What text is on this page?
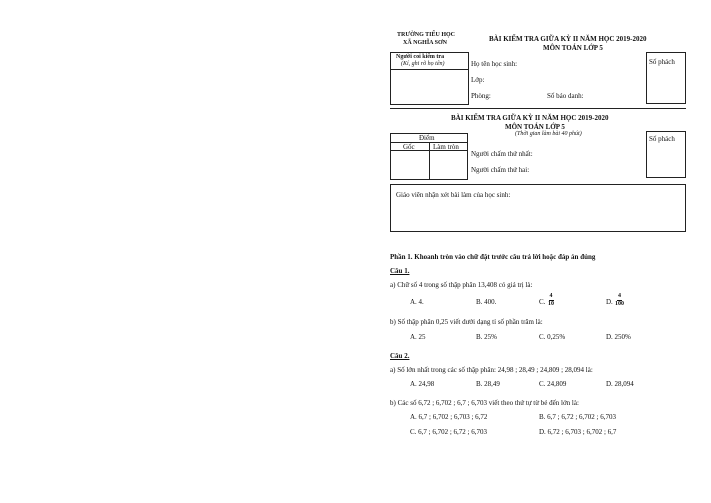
TRƯỜNG TIỂU HỌC
XÃ NGHĨA SƠN	BÀI KIỂM TRA GIỮA KỲ II NĂM HỌC 2019-2020
MÔN TOÁN LỚP 5
Người coi kiểm tra
(Kí, ghi rõ họ tên)	Họ tên học sinh:
Lớp:
Phòng:	Số báo danh:
Số phách
BÀI KIỂM TRA GIỮA KỲ II NĂM HỌC 2019-2020
MÔN TOÁN LỚP 5
(Thời gian làm bài 40 phút)
Điểm
Gốc	Làm tròn
Người chấm thứ nhất:
Người chấm thứ hai:
Số phách
Giáo viên nhận xét bài làm của học sinh:
Phần 1. Khoanh tròn vào chữ đặt trước câu trả lời hoặc đáp án đúng
Câu 1.
a) Chữ số 4 trong số thập phân 13,408 có giá trị là:
A. 4.	B. 400.	C. $\frac{4}{10}$	D. $\frac{4}{100}$
b) Số thập phân 0,25 viết dưới dạng tỉ số phần trăm là:
A. 25	B. 25%	C. 0,25%	D. 250%
Câu 2.
a) Số lớn nhất trong các số thập phân: 24,98 ; 28,49 ; 24,809 ; 28,094 là:
A. 24,98	B. 28,49	C. 24,809	D. 28,094
b) Các số 6,72 ; 6,702 ; 6,7 ; 6,703 viết theo thứ tự từ bé đến lớn là:
A. 6,7 ; 6,702 ; 6,703 ; 6,72	B. 6,7 ; 6,72 ; 6,702 ; 6,703
C. 6,7 ; 6,702 ; 6,72 ; 6,703	D. 6,72 ; 6,703 ; 6,702 ; 6,7
